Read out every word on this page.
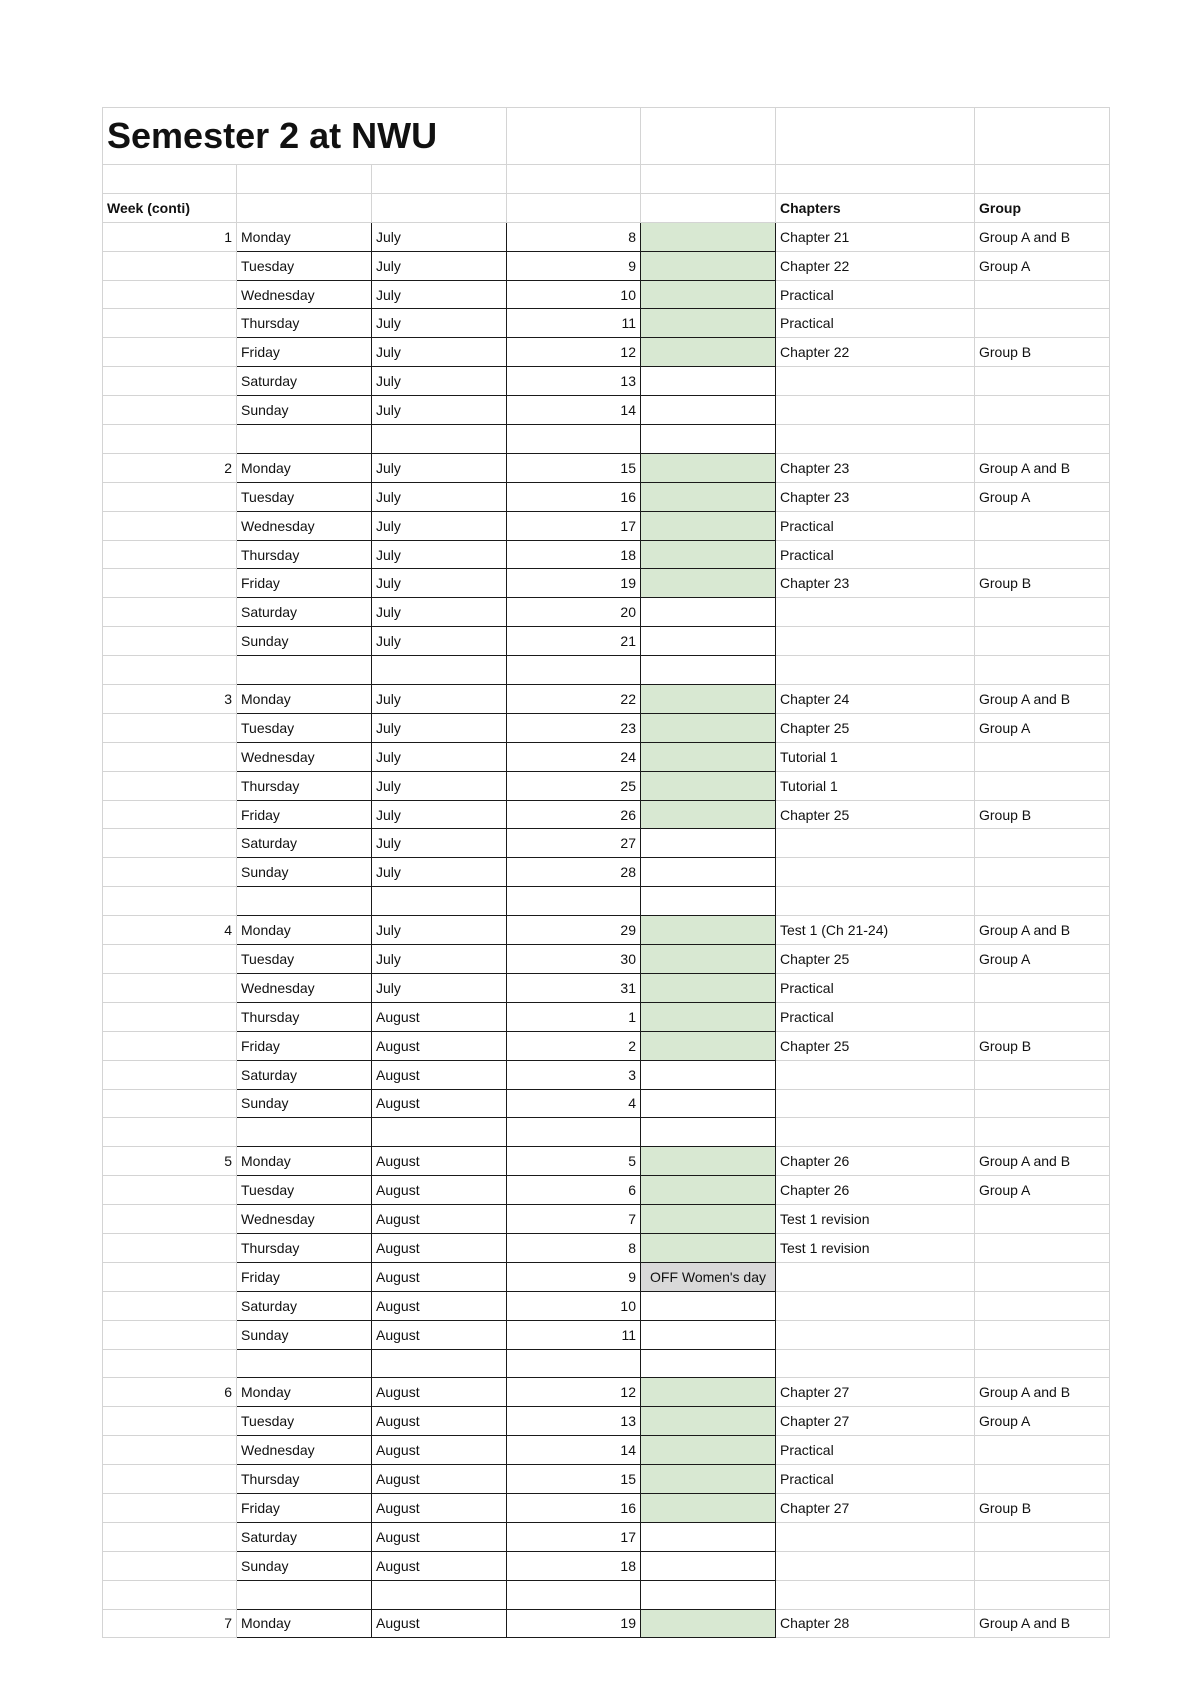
Semester 2 at NWU						

Week (conti)					Chapters	Group
1	Monday	July	8		Chapter 21	Group A and B
	Tuesday	July	9		Chapter 22	Group A
	Wednesday	July	10		Practical	
	Thursday	July	11		Practical	
	Friday	July	12		Chapter 22	Group B
	Saturday	July	13			
	Sunday	July	14			

2	Monday	July	15		Chapter 23	Group A and B
	Tuesday	July	16		Chapter 23	Group A
	Wednesday	July	17		Practical	
	Thursday	July	18		Practical	
	Friday	July	19		Chapter 23	Group B
	Saturday	July	20			
	Sunday	July	21			

3	Monday	July	22		Chapter 24	Group A and B
	Tuesday	July	23		Chapter 25	Group A
	Wednesday	July	24		Tutorial 1	
	Thursday	July	25		Tutorial 1	
	Friday	July	26		Chapter 25	Group B
	Saturday	July	27			
	Sunday	July	28			

4	Monday	July	29		Test 1 (Ch 21-24)	Group A and B
	Tuesday	July	30		Chapter 25	Group A
	Wednesday	July	31		Practical	
	Thursday	August	1		Practical	
	Friday	August	2		Chapter 25	Group B
	Saturday	August	3			
	Sunday	August	4			

5	Monday	August	5		Chapter 26	Group A and B
	Tuesday	August	6		Chapter 26	Group A
	Wednesday	August	7		Test 1 revision	
	Thursday	August	8		Test 1 revision	
	Friday	August	9	OFF Women's day		
	Saturday	August	10			
	Sunday	August	11			

6	Monday	August	12		Chapter 27	Group A and B
	Tuesday	August	13		Chapter 27	Group A
	Wednesday	August	14		Practical	
	Thursday	August	15		Practical	
	Friday	August	16		Chapter 27	Group B
	Saturday	August	17			
	Sunday	August	18			

7	Monday	August	19		Chapter 28	Group A and B
